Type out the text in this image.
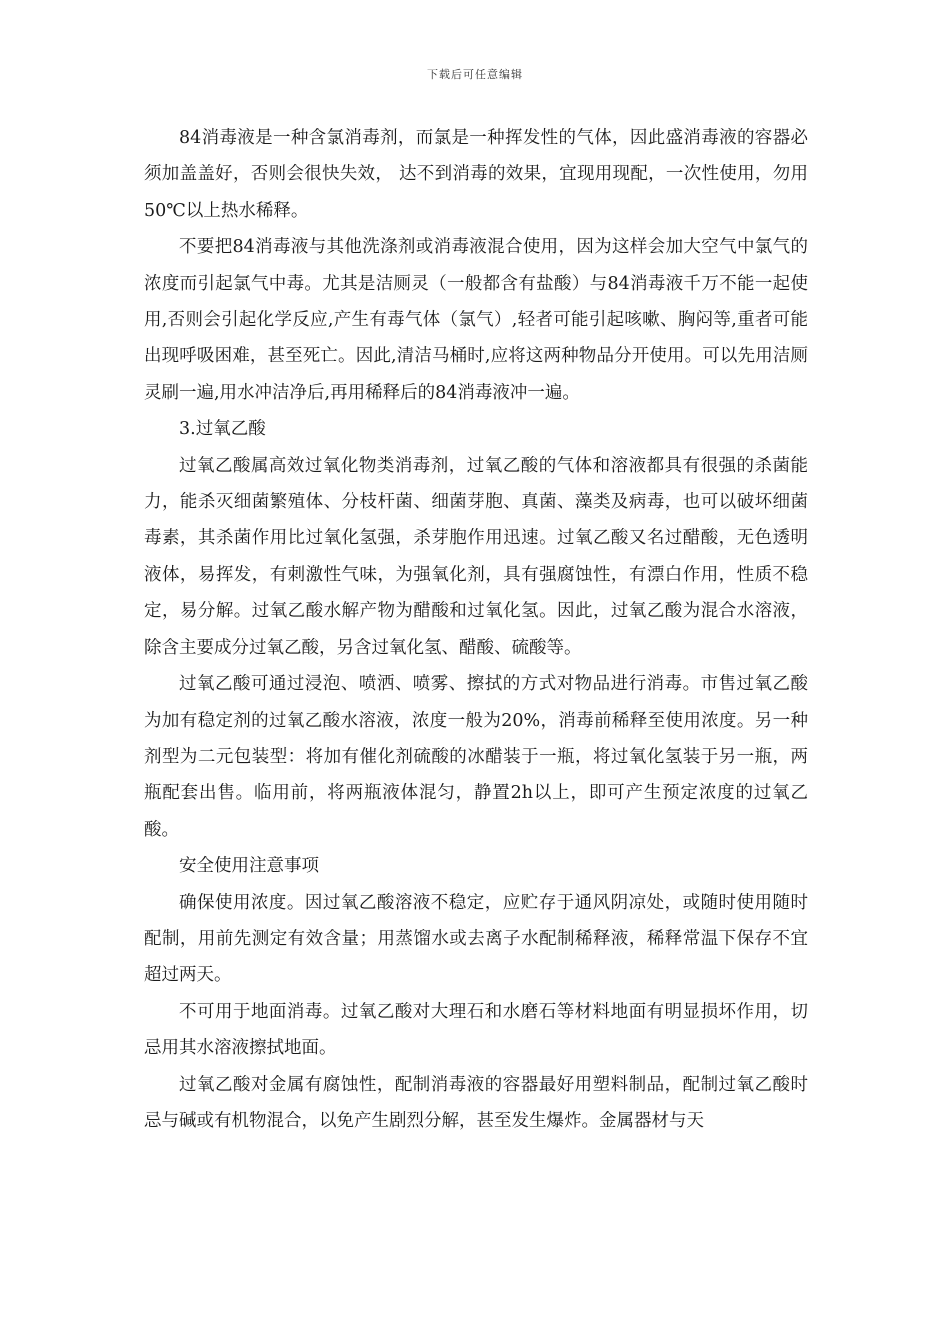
下载后可任意编辑

84消毒液是一种含氯消毒剂，而氯是一种挥发性的气体，因此盛消毒液的容器必须加盖盖好，否则会很快失效， 达不到消毒的效果，宜现用现配，一次性使用，勿用50℃以上热水稀释。

不要把84消毒液与其他洗涤剂或消毒液混合使用，因为这样会加大空气中氯气的浓度而引起氯气中毒。尤其是洁厕灵（一般都含有盐酸）与84消毒液千万不能一起使用,否则会引起化学反应,产生有毒气体（氯气）,轻者可能引起咳嗽、胸闷等,重者可能出现呼吸困难，甚至死亡。因此,清洁马桶时,应将这两种物品分开使用。可以先用洁厕灵刷一遍,用水冲洁净后,再用稀释后的84消毒液冲一遍。

3.过氧乙酸

过氧乙酸属高效过氧化物类消毒剂，过氧乙酸的气体和溶液都具有很强的杀菌能力，能杀灭细菌繁殖体、分枝杆菌、细菌芽胞、真菌、藻类及病毒，也可以破坏细菌毒素，其杀菌作用比过氧化氢强，杀芽胞作用迅速。过氧乙酸又名过醋酸，无色透明液体，易挥发，有刺激性气味，为强氧化剂，具有强腐蚀性，有漂白作用，性质不稳定，易分解。过氧乙酸水解产物为醋酸和过氧化氢。因此，过氧乙酸为混合水溶液，除含主要成分过氧乙酸，另含过氧化氢、醋酸、硫酸等。

过氧乙酸可通过浸泡、喷洒、喷雾、擦拭的方式对物品进行消毒。市售过氧乙酸为加有稳定剂的过氧乙酸水溶液，浓度一般为20%，消毒前稀释至使用浓度。另一种剂型为二元包装型：将加有催化剂硫酸的冰醋装于一瓶，将过氧化氢装于另一瓶，两瓶配套出售。临用前，将两瓶液体混匀，静置2h以上，即可产生预定浓度的过氧乙酸。

安全使用注意事项

确保使用浓度。因过氧乙酸溶液不稳定，应贮存于通风阴凉处，或随时使用随时配制，用前先测定有效含量；用蒸馏水或去离子水配制稀释液，稀释常温下保存不宜超过两天。

不可用于地面消毒。过氧乙酸对大理石和水磨石等材料地面有明显损坏作用，切忌用其水溶液擦拭地面。

过氧乙酸对金属有腐蚀性，配制消毒液的容器最好用塑料制品，配制过氧乙酸时忌与碱或有机物混合，以免产生剧烈分解，甚至发生爆炸。金属器材与天
